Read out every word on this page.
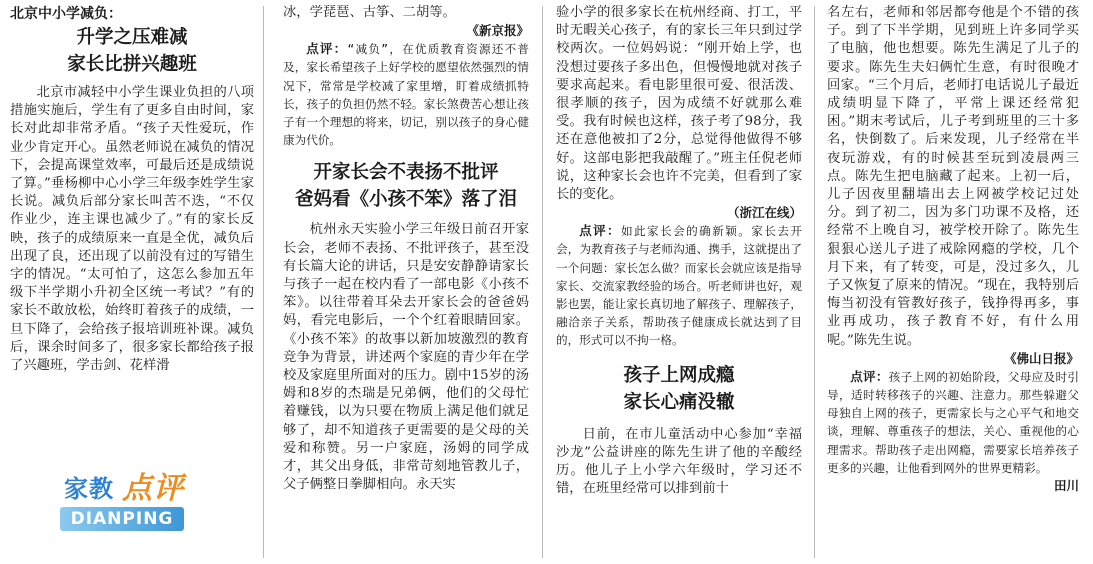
北京中小学减负：

升学之压难减

家长比拼兴趣班

北京市减轻中小学生课业负担的八项措施实施后，学生有了更多自由时间，家长对此却非常矛盾。“孩子天性爱玩，作业少肯定开心。虽然老师说在减负的情况下，会提高课堂效率，可最后还是成绩说了算。”垂杨柳中心小学三年级李姓学生家长说。减负后部分家长叫苦不迭，“不仅作业少，连主课也减少了。”有的家长反映，孩子的成绩原来一直是全优，减负后出现了良，还出现了以前没有过的写错生字的情况。“太可怕了，这怎么参加五年级下半学期小升初全区统一考试？”有的家长不敢放松，始终盯着孩子的成绩，一旦下降了，会给孩子报培训班补课。减负后，课余时间多了，很多家长都给孩子报了兴趣班，学击剑、花样滑

家教 点评
DIANPING

冰，学琵琶、古筝、二胡等。

《新京报》

点评：“减负”，在优质教育资源还不普及，家长希望孩子上好学校的愿望依然强烈的情况下，常常是学校减了家里增，盯着成绩抓特长，孩子的负担仍然不轻。家长煞费苦心想让孩子有一个理想的将来，切记，别以孩子的身心健康为代价。

开家长会不表扬不批评

爸妈看《小孩不笨》落了泪

杭州永天实验小学三年级日前召开家长会，老师不表扬、不批评孩子，甚至没有长篇大论的讲话，只是安安静静请家长与孩子一起在校内看了一部电影《小孩不笨》。以往带着耳朵去开家长会的爸爸妈妈，看完电影后，一个个红着眼睛回家。《小孩不笨》的故事以新加坡激烈的教育竞争为背景，讲述两个家庭的青少年在学校及家庭里所面对的压力。剧中15岁的汤姆和8岁的杰瑞是兄弟俩，他们的父母忙着赚钱，以为只要在物质上满足他们就足够了，却不知道孩子更需要的是父母的关爱和称赞。另一户家庭，汤姆的同学成才，其父出身低，非常苛刻地管教儿子，父子俩整日拳脚相向。永天实

验小学的很多家长在杭州经商、打工，平时无暇关心孩子，有的家长三年只到过学校两次。一位妈妈说：“刚开始上学，也没想过要孩子多出色，但慢慢地就对孩子要求高起来。看电影里很可爱、很活泼、很孝顺的孩子，因为成绩不好就那么难受。我有时候也这样，孩子考了98分，我还在意他被扣了2分，总觉得他做得不够好。这部电影把我敲醒了。”班主任倪老师说，这种家长会也许不完美，但看到了家长的变化。

（浙江在线）

点评：如此家长会的确新颖。家长去开会，为教育孩子与老师沟通、携手，这就提出了一个问题：家长怎么做？而家长会就应该是指导家长、交流家教经验的场合。听老师讲也好，观影也罢，能让家长真切地了解孩子、理解孩子，融洽亲子关系，帮助孩子健康成长就达到了目的，形式可以不拘一格。

孩子上网成瘾

家长心痛没辙

日前，在市儿童活动中心参加“幸福沙龙”公益讲座的陈先生讲了他的辛酸经历。他儿子上小学六年级时，学习还不错，在班里经常可以排到前十

名左右，老师和邻居都夸他是个不错的孩子。到了下半学期，见到班上许多同学买了电脑，他也想要。陈先生满足了儿子的要求。陈先生夫妇俩忙生意，有时很晚才回家。“三个月后，老师打电话说儿子最近成绩明显下降了，平常上课还经常犯困。”期末考试后，儿子考到班里的三十多名，快倒数了。后来发现，儿子经常在半夜玩游戏，有的时候甚至玩到凌晨两三点。陈先生把电脑藏了起来。上初一后，儿子因夜里翻墙出去上网被学校记过处分。到了初二，因为多门功课不及格，还经常不上晚自习，被学校开除了。陈先生狠狠心送儿子进了戒除网瘾的学校，几个月下来，有了转变，可是，没过多久，儿子又恢复了原来的情况。“现在，我特别后悔当初没有管教好孩子，钱挣得再多，事业再成功，孩子教育不好，有什么用呢。”陈先生说。

《佛山日报》

点评：孩子上网的初始阶段，父母应及时引导，适时转移孩子的兴趣、注意力。那些躲避父母独自上网的孩子，更需家长与之心平气和地交谈，理解、尊重孩子的想法，关心、重视他的心理需求。帮助孩子走出网瘾，需要家长培养孩子更多的兴趣，让他看到网外的世界更精彩。

田川
